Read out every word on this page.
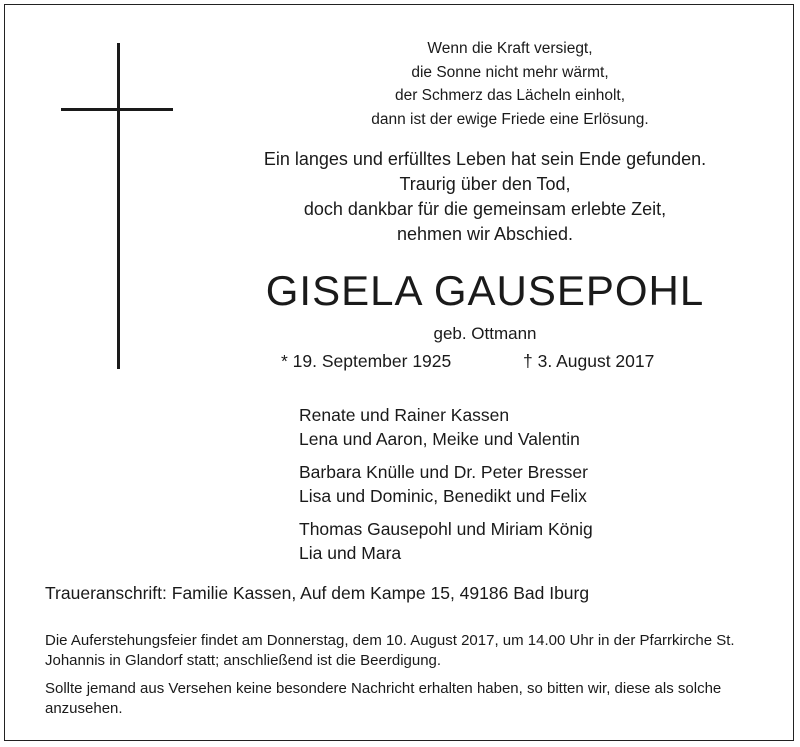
Wenn die Kraft versiegt,
die Sonne nicht mehr wärmt,
der Schmerz das Lächeln einholt,
dann ist der ewige Friede eine Erlösung.
Ein langes und erfülltes Leben hat sein Ende gefunden.
Traurig über den Tod,
doch dankbar für die gemeinsam erlebte Zeit,
nehmen wir Abschied.
GISELA GAUSEPOHL
geb. Ottmann
* 19. September 1925	† 3. August 2017
Renate und Rainer Kassen
Lena und Aaron, Meike und Valentin
Barbara Knülle und Dr. Peter Bresser
Lisa und Dominic, Benedikt und Felix
Thomas Gausepohl und Miriam König
Lia und Mara
Traueranschrift: Familie Kassen, Auf dem Kampe 15, 49186 Bad Iburg

Die Auferstehungsfeier findet am Donnerstag, dem 10. August 2017, um 14.00 Uhr in der Pfarrkirche St. Johannis in Glandorf statt; anschließend ist die Beerdigung.

Sollte jemand aus Versehen keine besondere Nachricht erhalten haben, so bitten wir, diese als solche anzusehen.
